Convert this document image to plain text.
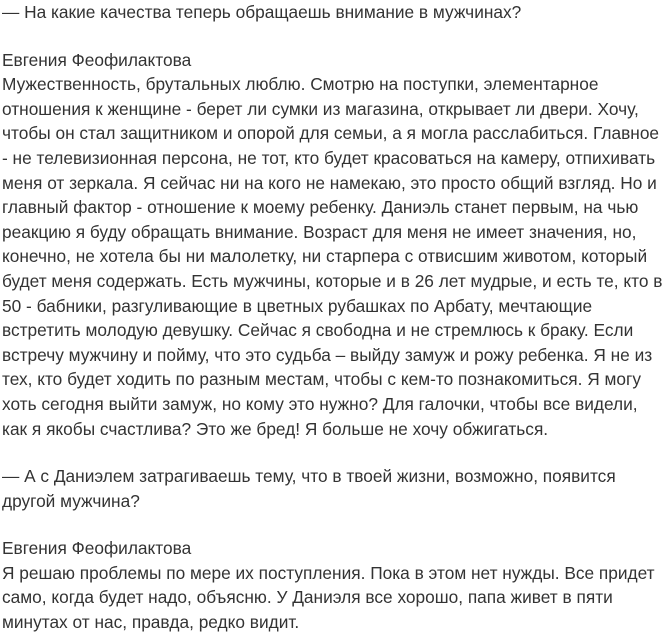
— На какие качества теперь обращаешь внимание в мужчинах?

Евгения Феофилактова

Мужественность, брутальных люблю. Смотрю на поступки, элементарное отношения к женщине - берет ли сумки из магазина, открывает ли двери. Хочу, чтобы он стал защитником и опорой для семьи, а я могла расслабиться. Главное - не телевизионная персона, не тот, кто будет красоваться на камеру, отпихивать меня от зеркала. Я сейчас ни на кого не намекаю, это просто общий взгляд. Но и главный фактор - отношение к моему ребенку. Даниэль станет первым, на чью реакцию я буду обращать внимание. Возраст для меня не имеет значения, но, конечно, не хотела бы ни малолетку, ни старпера с отвисшим животом, который будет меня содержать. Есть мужчины, которые и в 26 лет мудрые, и есть те, кто в 50 - бабники, разгуливающие в цветных рубашках по Арбату, мечтающие встретить молодую девушку. Сейчас я свободна и не стремлюсь к браку. Если встречу мужчину и пойму, что это судьба – выйду замуж и рожу ребенка. Я не из тех, кто будет ходить по разным местам, чтобы с кем-то познакомиться. Я могу хоть сегодня выйти замуж, но кому это нужно? Для галочки, чтобы все видели, как я якобы счастлива? Это же бред! Я больше не хочу обжигаться.

— А с Даниэлем затрагиваешь тему, что в твоей жизни, возможно, появится другой мужчина?

Евгения Феофилактова

Я решаю проблемы по мере их поступления. Пока в этом нет нужды. Все придет само, когда будет надо, объясню. У Даниэля все хорошо, папа живет в пяти минутах от нас, правда, редко видит.
